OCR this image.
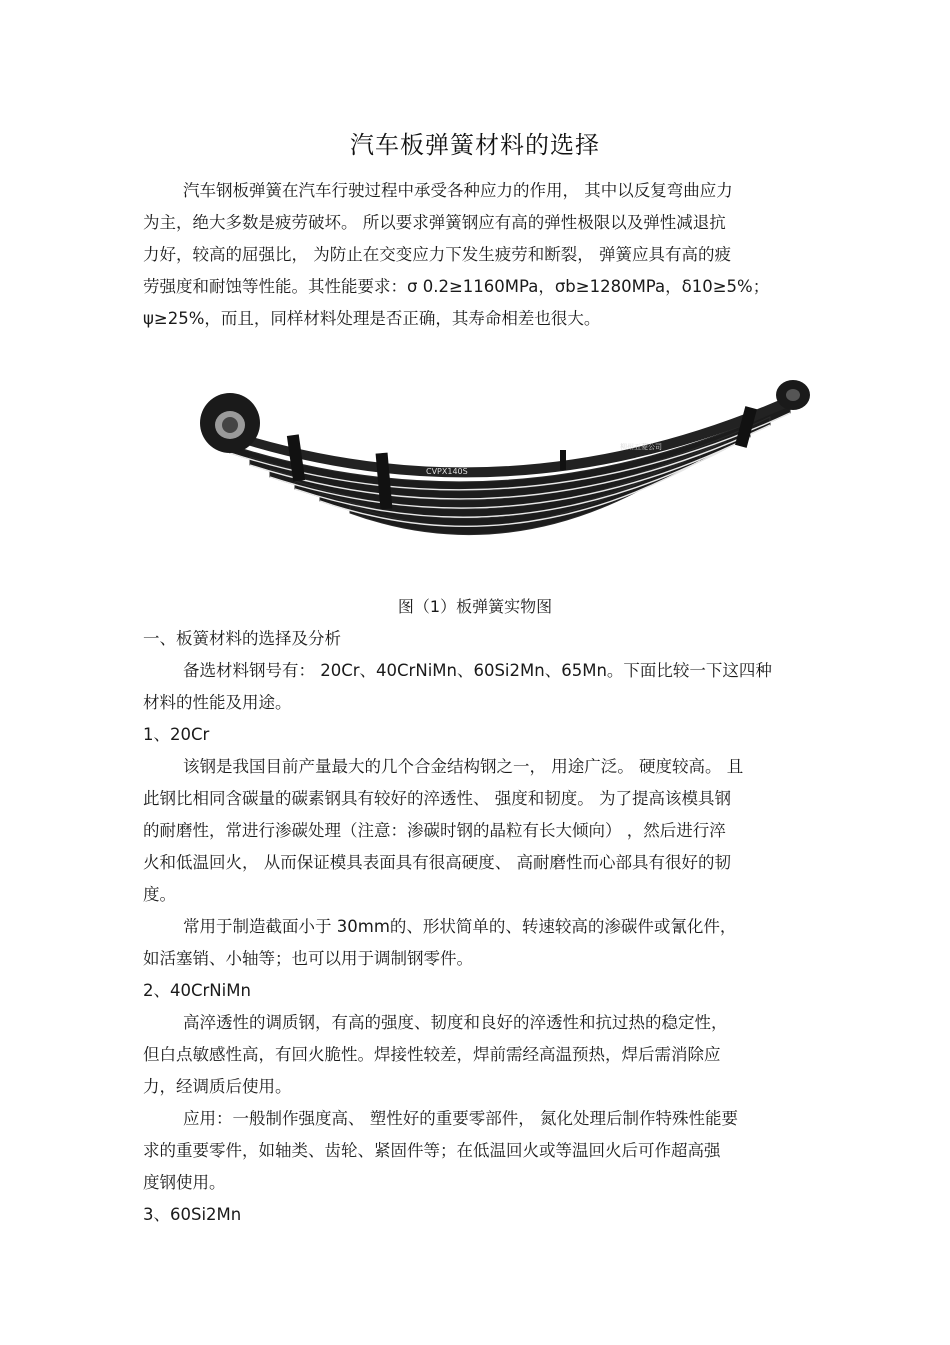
汽车板弹簧材料的选择
汽车钢板弹簧在汽车行驶过程中承受各种应力的作用， 其中以反复弯曲应力
为主，绝大多数是疲劳破坏。 所以要求弹簧钢应有高的弹性极限以及弹性减退抗
力好，较高的屈强比， 为防止在交变应力下发生疲劳和断裂， 弹簧应具有高的疲
劳强度和耐蚀等性能。其性能要求：σ 0.2≥1160MPa，σb≥1280MPa，δ10≥5%；
ψ≥25%，而且，同样材料处理是否正确，其寿命相差也很大。
CVPX140S
柳州五菱公司
图（1）板弹簧实物图
一、板簧材料的选择及分析
备选材料钢号有： 20Cr、40CrNiMn、60Si2Mn、65Mn。下面比较一下这四种
材料的性能及用途。
1、20Cr
该钢是我国目前产量最大的几个合金结构钢之一， 用途广泛。 硬度较高。 且
此钢比相同含碳量的碳素钢具有较好的淬透性、 强度和韧度。 为了提高该模具钢
的耐磨性，常进行渗碳处理（注意：渗碳时钢的晶粒有长大倾向） ，然后进行淬
火和低温回火， 从而保证模具表面具有很高硬度、 高耐磨性而心部具有很好的韧
度。
常用于制造截面小于 30mm的、形状简单的、转速较高的渗碳件或氰化件，
如活塞销、小轴等；也可以用于调制钢零件。
2、40CrNiMn
高淬透性的调质钢，有高的强度、韧度和良好的淬透性和抗过热的稳定性，
但白点敏感性高，有回火脆性。焊接性较差，焊前需经高温预热，焊后需消除应
力，经调质后使用。
应用：一般制作强度高、 塑性好的重要零部件， 氮化处理后制作特殊性能要
求的重要零件，如轴类、齿轮、紧固件等；在低温回火或等温回火后可作超高强
度钢使用。
3、60Si2Mn
